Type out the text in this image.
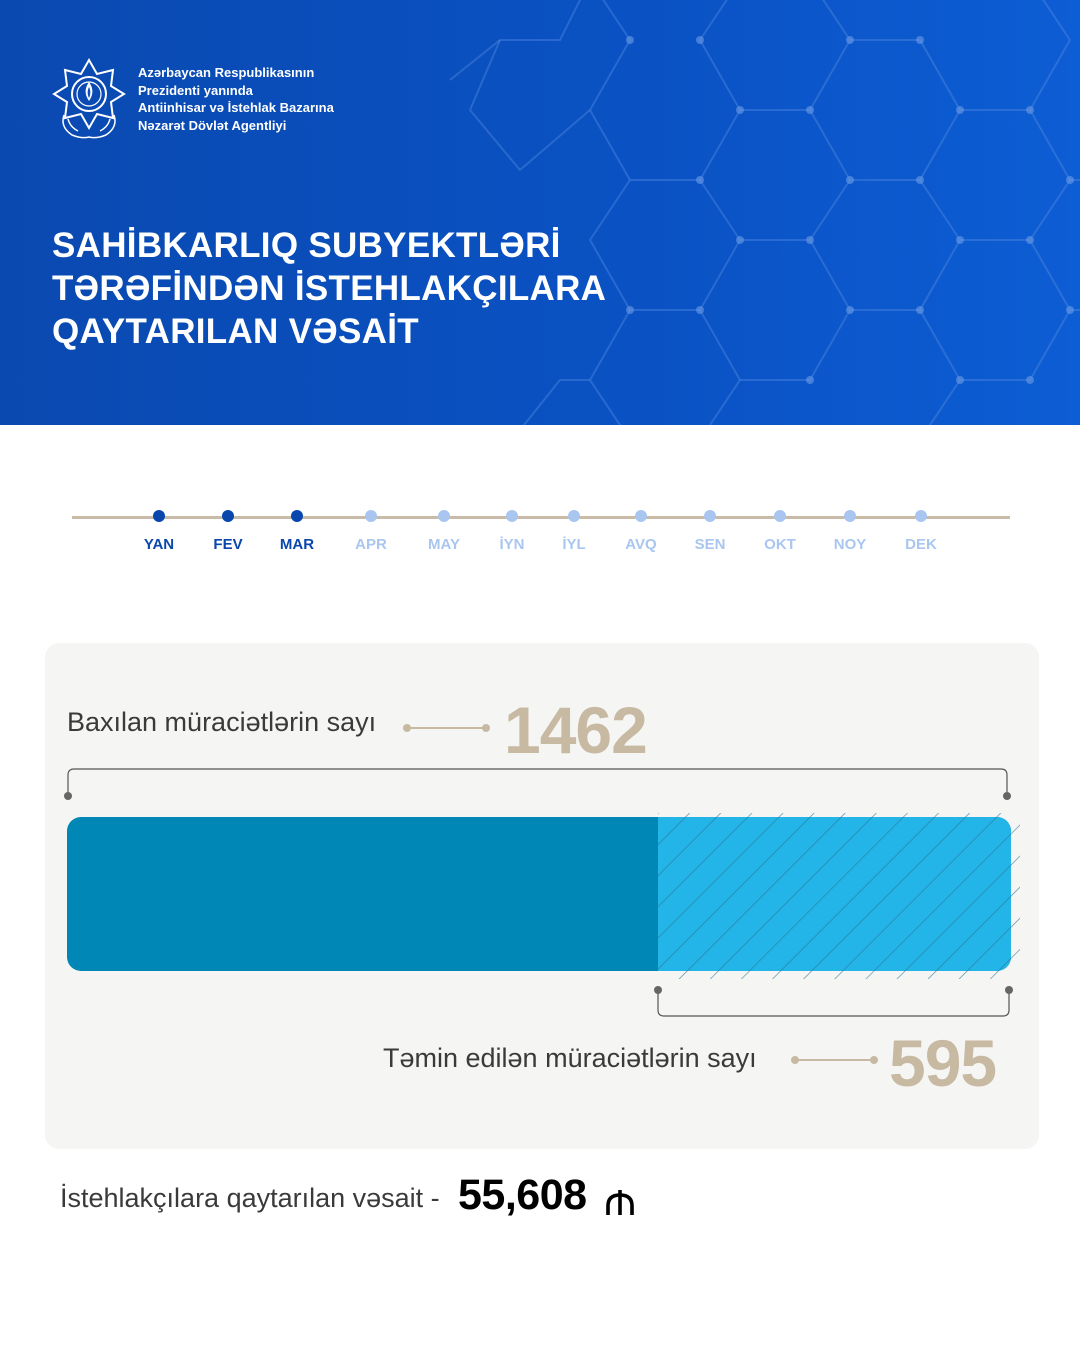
Azərbaycan Respublikasının
Prezidenti yanında
Antiinhisar və İstehlak Bazarına
Nəzarət Dövlət Agentliyi
SAHİBKARLIQ SUBYEKTLƏRİ
TƏRƏFİNDƏN İSTEHLAKÇILARA
QAYTARILAN VƏSAİT
YAN	FEV	MAR	APR	MAY	İYN	İYL	AVQ	SEN	OKT	NOY	DEK
Baxılan müraciətlərin sayı 1462
Təmin edilən müraciətlərin sayı 595
İstehlakçılara qaytarılan vəsait - 55,608
